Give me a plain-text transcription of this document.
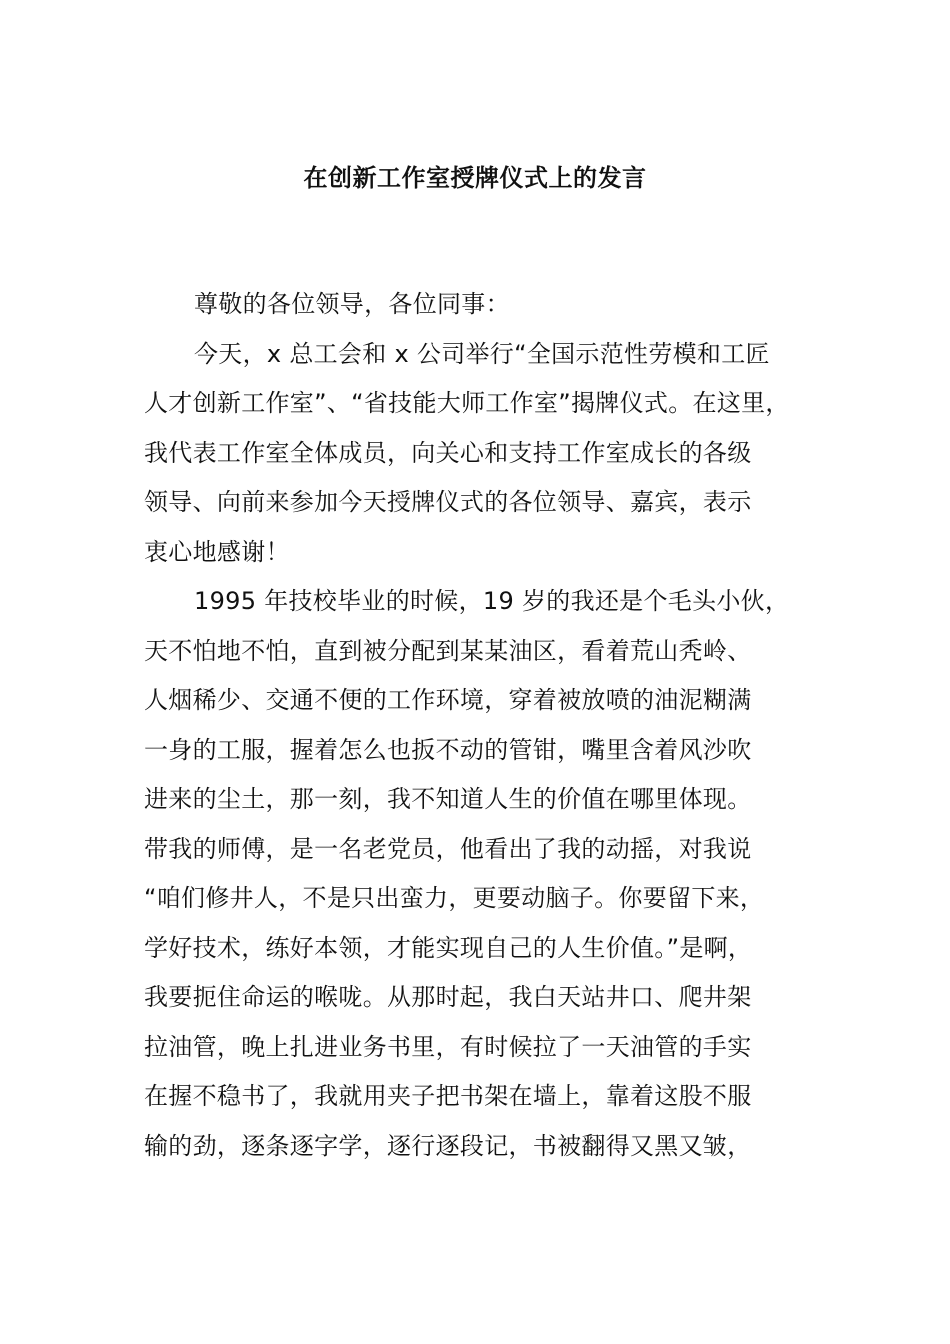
在创新工作室授牌仪式上的发言
尊敬的各位领导，各位同事：
今天，x 总工会和 x 公司举行“全国示范性劳模和工匠
人才创新工作室”、“省技能大师工作室”揭牌仪式。在这里，
我代表工作室全体成员，向关心和支持工作室成长的各级
领导、向前来参加今天授牌仪式的各位领导、嘉宾，表示
衷心地感谢！
1995 年技校毕业的时候，19 岁的我还是个毛头小伙，
天不怕地不怕，直到被分配到某某油区，看着荒山秃岭、
人烟稀少、交通不便的工作环境，穿着被放喷的油泥糊满
一身的工服，握着怎么也扳不动的管钳，嘴里含着风沙吹
进来的尘土，那一刻，我不知道人生的价值在哪里体现。
带我的师傅，是一名老党员，他看出了我的动摇，对我说
“咱们修井人，不是只出蛮力，更要动脑子。你要留下来，
学好技术，练好本领，才能实现自己的人生价值。”是啊，
我要扼住命运的喉咙。从那时起，我白天站井口、爬井架
拉油管，晚上扎进业务书里，有时候拉了一天油管的手实
在握不稳书了，我就用夹子把书架在墙上，靠着这股不服
输的劲，逐条逐字学，逐行逐段记，书被翻得又黑又皱，
